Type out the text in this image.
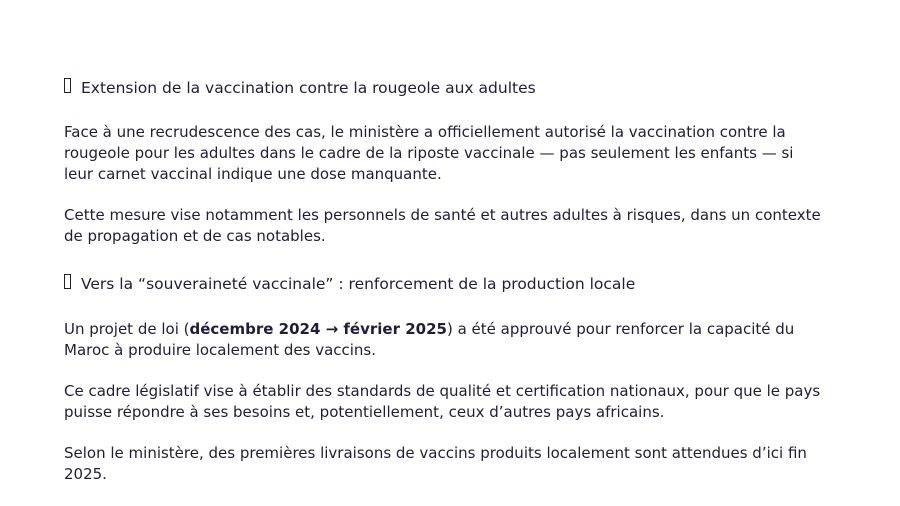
Extension de la vaccination contre la rougeole aux adultes

Face à une recrudescence des cas, le ministère a officiellement autorisé la vaccination contre la rougeole pour les adultes dans le cadre de la riposte vaccinale — pas seulement les enfants — si leur carnet vaccinal indique une dose manquante.

Cette mesure vise notamment les personnels de santé et autres adultes à risques, dans un contexte de propagation et de cas notables.

Vers la “souveraineté vaccinale” : renforcement de la production locale

Un projet de loi (décembre 2024 → février 2025) a été approuvé pour renforcer la capacité du Maroc à produire localement des vaccins.

Ce cadre législatif vise à établir des standards de qualité et certification nationaux, pour que le pays puisse répondre à ses besoins et, potentiellement, ceux d’autres pays africains.

Selon le ministère, des premières livraisons de vaccins produits localement sont attendues d’ici fin 2025.
